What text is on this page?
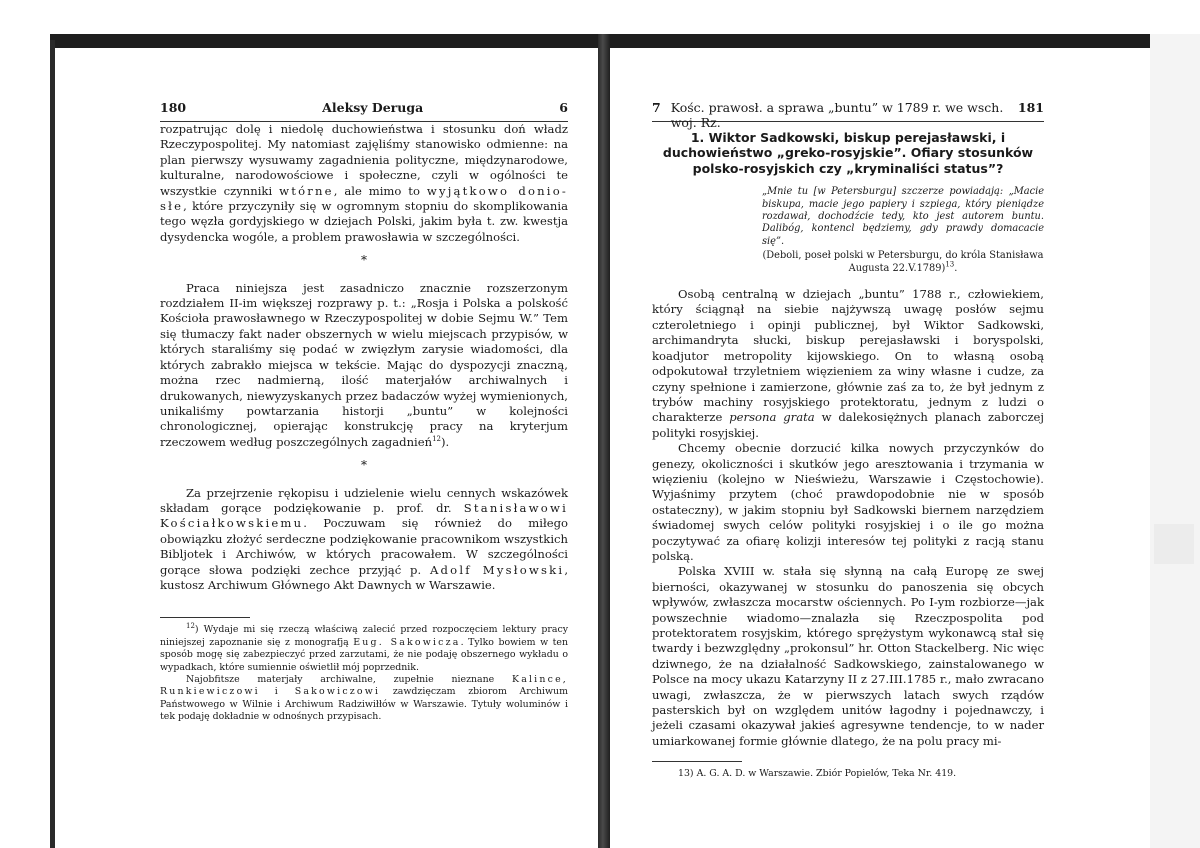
180	Aleksy Deruga	6

rozpatrując dolę i niedolę duchowieństwa i stosunku doń władz Rzeczypospolitej. My natomiast zajęliśmy stanowisko odmienne: na plan pierwszy wysuwamy zagadnienia polityczne, międzynarodowe, kulturalne, narodowościowe i społeczne, czyli w ogólności te wszystkie czynniki wtórne, ale mimo to wyjątkowo donio- słe, które przyczyniły się w ogromnym stopniu do skomplikowania tego węzła gordyjskiego w dziejach Polski, jakim była t. zw. kwestja dysydencka wogóle, a problem prawosławia w szczególności.

*

Praca niniejsza jest zasadniczo znacznie rozszerzonym rozdziałem II-im większej rozprawy p. t.: „Rosja i Polska a polskość Kościoła prawosławnego w Rzeczypospolitej w dobie Sejmu W.” Tem się tłumaczy fakt nader obszernych w wielu miejscach przypisów, w których staraliśmy się podać w zwięzłym zarysie wiadomości, dla których zabrakło miejsca w tekście. Mając do dyspozycji znaczną, można rzec nadmierną, ilość materjałów archiwalnych i drukowanych, niewyzyskanych przez badaczów wyżej wymienionych, unikaliśmy powtarzania historji „buntu” w kolejności chronologicznej, opierając konstrukcję pracy na kryterjum rzeczowem według poszczególnych zagadnień$^{12}$).

*

Za przejrzenie rękopisu i udzielenie wielu cennych wskazówek składam gorące podziękowanie p. prof. dr. Stanisławowi Kościałkowskiemu. Poczuwam się również do miłego obowiązku złożyć serdeczne podziękowanie pracownikom wszystkich Bibljotek i Archiwów, w których pracowałem. W szczególności gorące słowa podzięki zechce przyjąć p. Adolf Mysłowski, kustosz Archiwum Głównego Akt Dawnych w Warszawie.

$^{12}$) Wydaje mi się rzeczą właściwą zalecić przed rozpoczęciem lektury pracy niniejszej zapoznanie się z monografją Eug. Sakowicza. Tylko bowiem w ten sposób mogę się zabezpieczyć przed zarzutami, że nie podaję obszernego wykładu o wypadkach, które sumiennie oświetlił mój poprzednik.

Najobfitsze materjały archiwalne, zupełnie nieznane Kalince, Runkiewiczowi i Sakowiczowi zawdzięczam zbiorom Archiwum Państwowego w Wilnie i Archiwum Radziwiłłów w Warszawie. Tytuły woluminów i tek podaję dokładnie w odnośnych przypisach.

7 Kośc. prawosł. a sprawa „buntu” w 1789 r. we wsch. woj. Rz.
181
1. Wiktor Sadkowski, biskup perejasławski, i duchowieństwo „greko-rosyjskie”. Ofiary stosunków polsko-rosyjskich czy „kryminaliści status”?
„Mnie tu [w Petersburgu] szczerze powiadają: „Macie biskupa, macie jego papiery i szpiega, który pieniądze rozdawał, dochodźcie tedy, kto jest autorem buntu. Dalibóg, kontencl będziemy, gdy prawdy domacacie się”.
(Deboli, poseł polski w Petersburgu, do króla Stanisława Augusta 22.V.1789)$^{13}$.

Osobą centralną w dziejach „buntu” 1788 r., człowiekiem, który ściągnął na siebie najżywszą uwagę posłów sejmu czteroletniego i opinji publicznej, był Wiktor Sadkowski, archimandryta słucki, biskup perejasławski i boryspolski, koadjutor metropolity kijowskiego. On to własną osobą odpokutował trzyletniem więzieniem za winy własne i cudze, za czyny spełnione i zamierzone, głównie zaś za to, że był jednym z trybów machiny rosyjskiego protektoratu, jednym z ludzi o charakterze persona grata w dalekosiężnych planach zaborczej polityki rosyjskiej.

Chcemy obecnie dorzucić kilka nowych przyczynków do genezy, okoliczności i skutków jego aresztowania i trzymania w więzieniu (kolejno w Nieświeżu, Warszawie i Częstochowie). Wyjaśnimy przytem (choć prawdopodobnie nie w sposób ostateczny), w jakim stopniu był Sadkowski biernem narzędziem świadomej swych celów polityki rosyjskiej i o ile go można poczytywać za ofiarę kolizji interesów tej polityki z racją stanu polską.

Polska XVIII w. stała się słynną na całą Europę ze swej bierności, okazywanej w stosunku do panoszenia się obcych wpływów, zwłaszcza mocarstw ościennych. Po I-ym rozbiorze—jak powszechnie wiadomo—znalazła się Rzeczpospolita pod protektoratem rosyjskim, którego sprężystym wykonawcą stał się twardy i bezwzględny „prokonsul” hr. Otton Stackelberg. Nic więc dziwnego, że na działalność Sadkowskiego, zainstalowanego w Polsce na mocy ukazu Katarzyny II z 27.III.1785 r., mało zwracano uwagi, zwłaszcza, że w pierwszych latach swych rządów pasterskich był on względem unitów łagodny i pojednawczy, i jeżeli czasami okazywał jakieś agresywne tendencje, to w nader umiarkowanej formie głównie dlatego, że na polu pracy mi-

13) A. G. A. D. w Warszawie. Zbiór Popielów, Teka Nr. 419.
